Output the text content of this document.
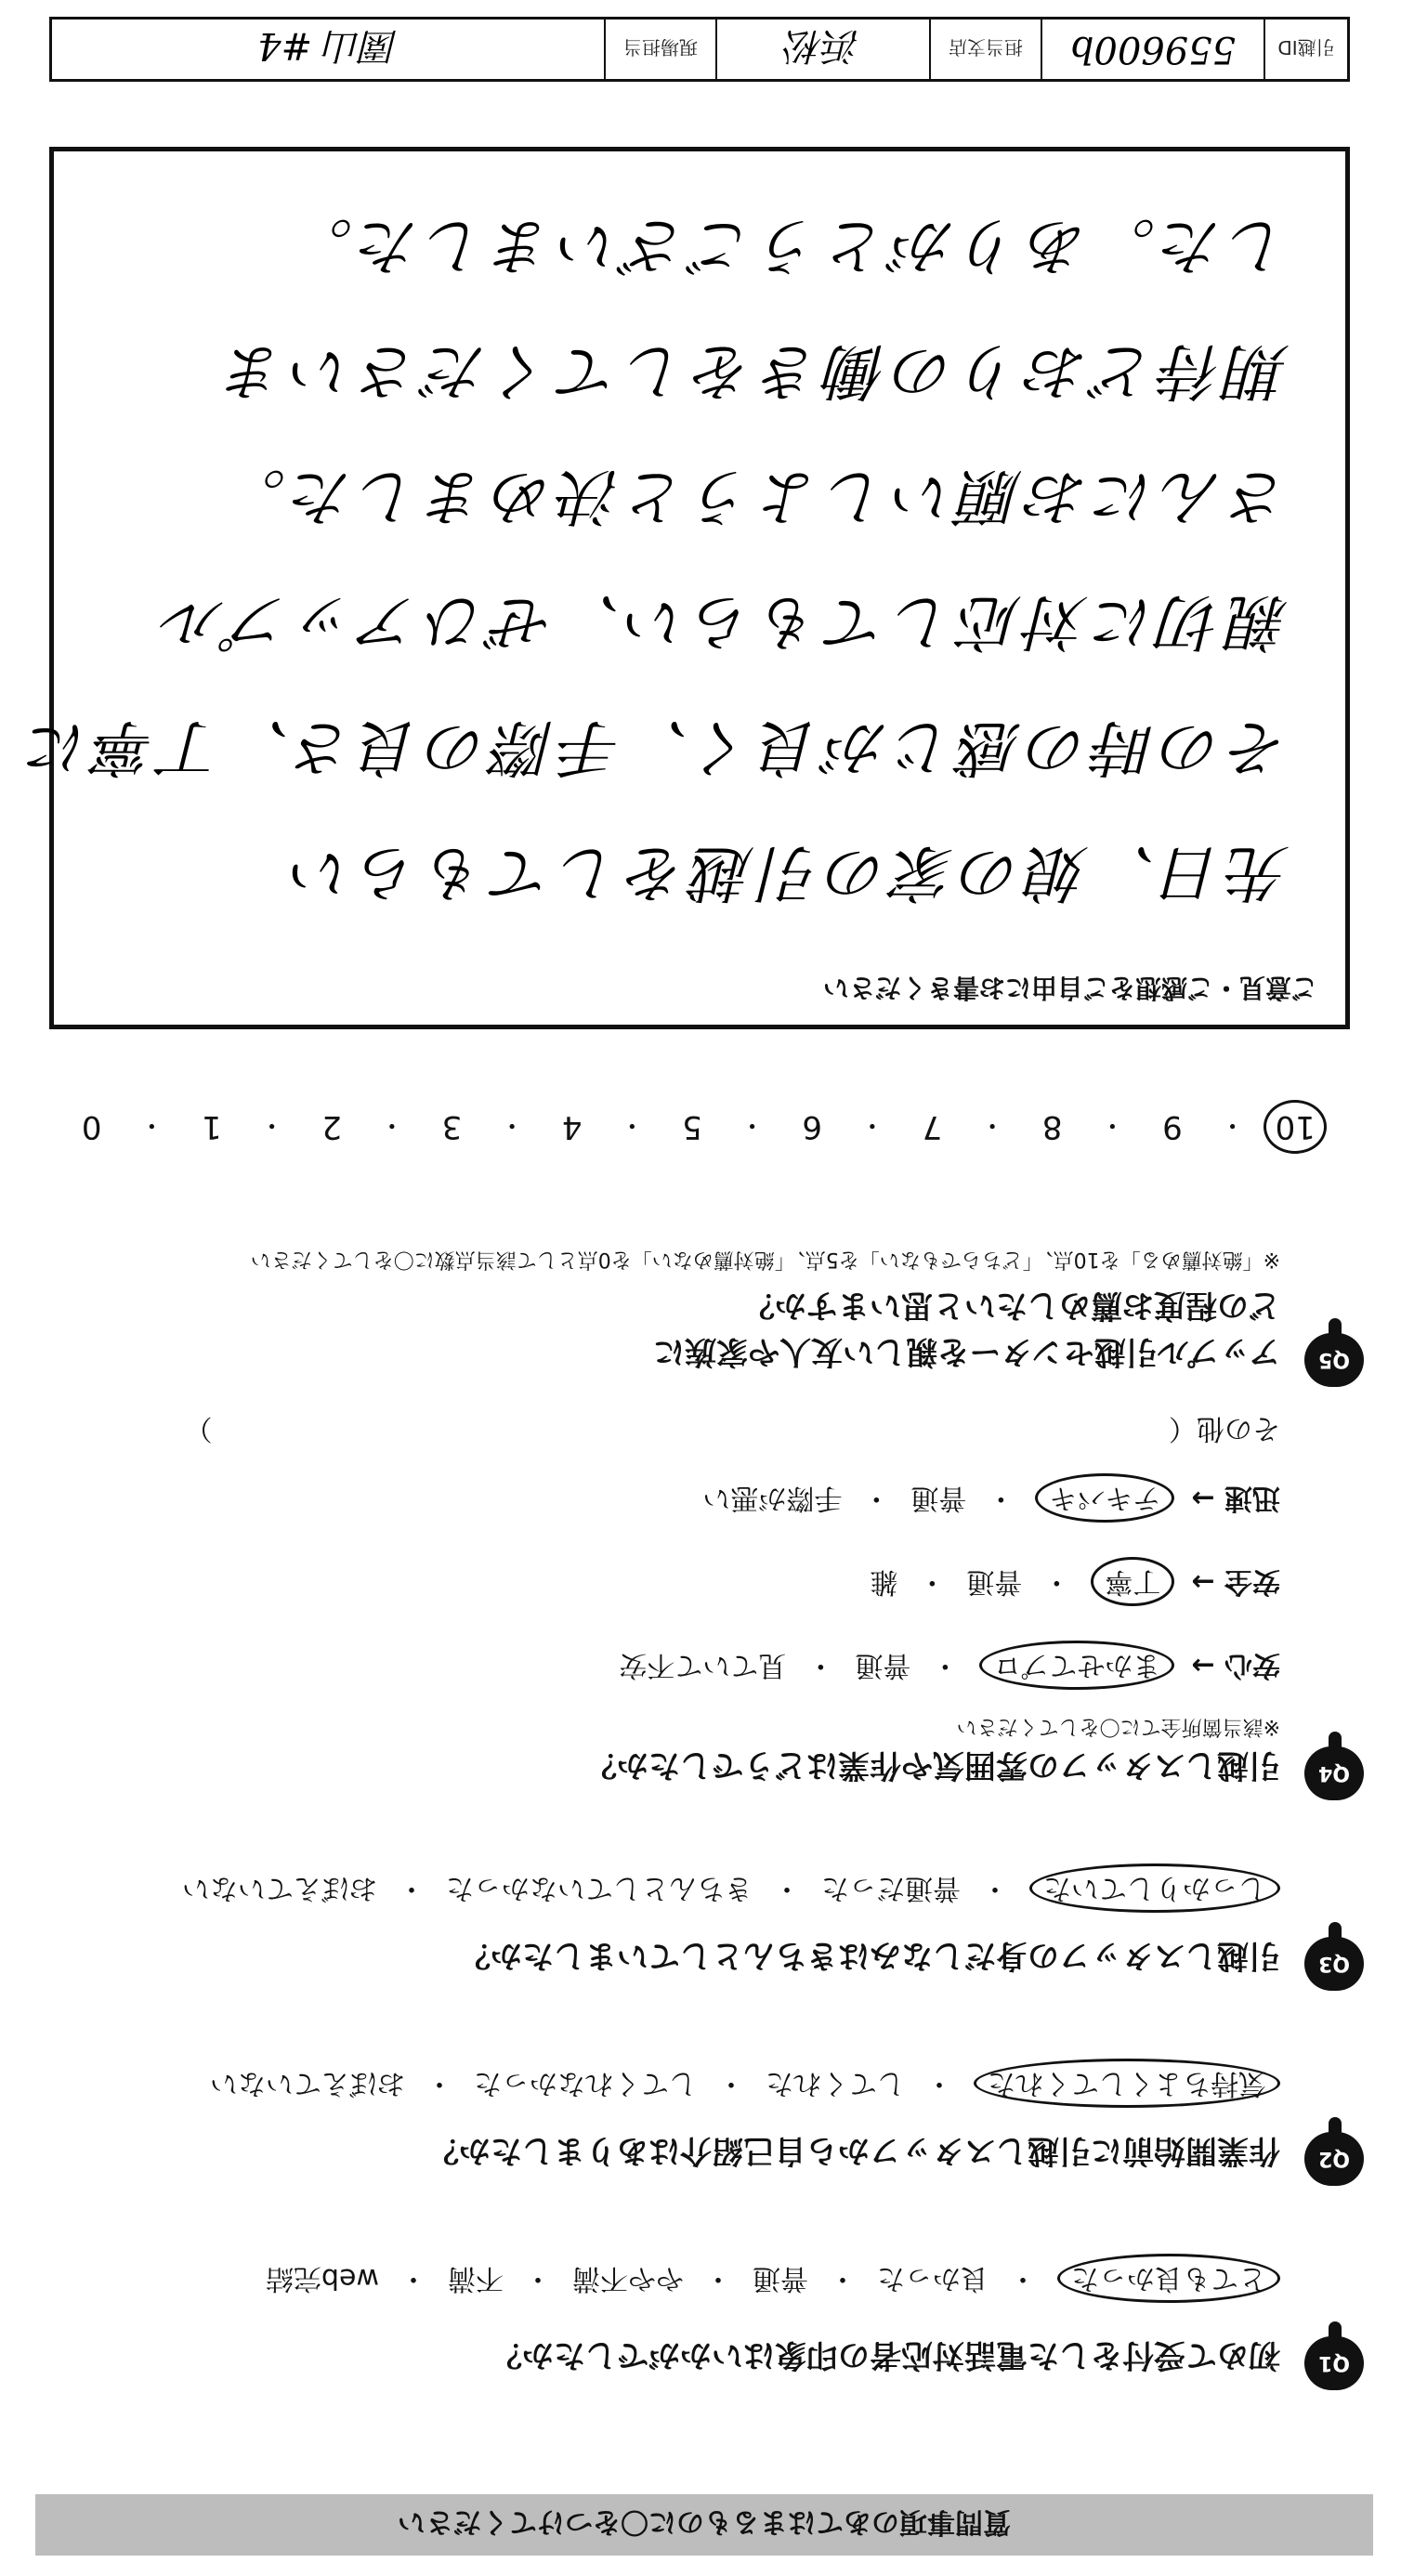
引越ID
559600b
担当支店
浜松
現場担当
園山 #4
ご意見・ご感想をご自由にお書きください
先日、娘の家の引越をしてもらい
その時の感じが良く、手際の良さ、丁寧に
親切に対応してもらい、ぜひアップル
さんにお願いしようと決めました。
期待どおりの働きをしてくださいま
した。ありがとうございました。
10
・
9
・
8
・
7
・
6
・
5
・
4
・
3
・
2
・
1
・
0
Q5
アップル引越センターを親しい友人や家族に
どの程度お薦めしたいと思いますか？
※「絶対薦める」を10点、「どちらでもない」を5点、「絶対薦めない」を0点として該当点数に〇をしてください
Q4
引越しスタッフの雰囲気や作業はどうでしたか？
※該当箇所全てに〇をしてください
安心 →まかせてプロ・普通・見ていて不安
安全 →丁寧・普通・雑
迅速 →テキパキ・普通・手際が悪い
その他（ ）
Q3
引越しスタッフの身だしなみはきちんとしていましたか？
しっかりしていた・普通だった・きちんとしていなかった・おぼえていない
Q2
作業開始前に引越しスタッフから自己紹介はありましたか？
気持ちよくしてくれた・してくれた・してくれなかった・おぼえていない
Q1
初めて受付をした電話対応者の印象はいかがでしたか？
とても良かった・良かった・普通・やや不満・不満・web完結
質問事項のあてはまるものに〇をつけてください
